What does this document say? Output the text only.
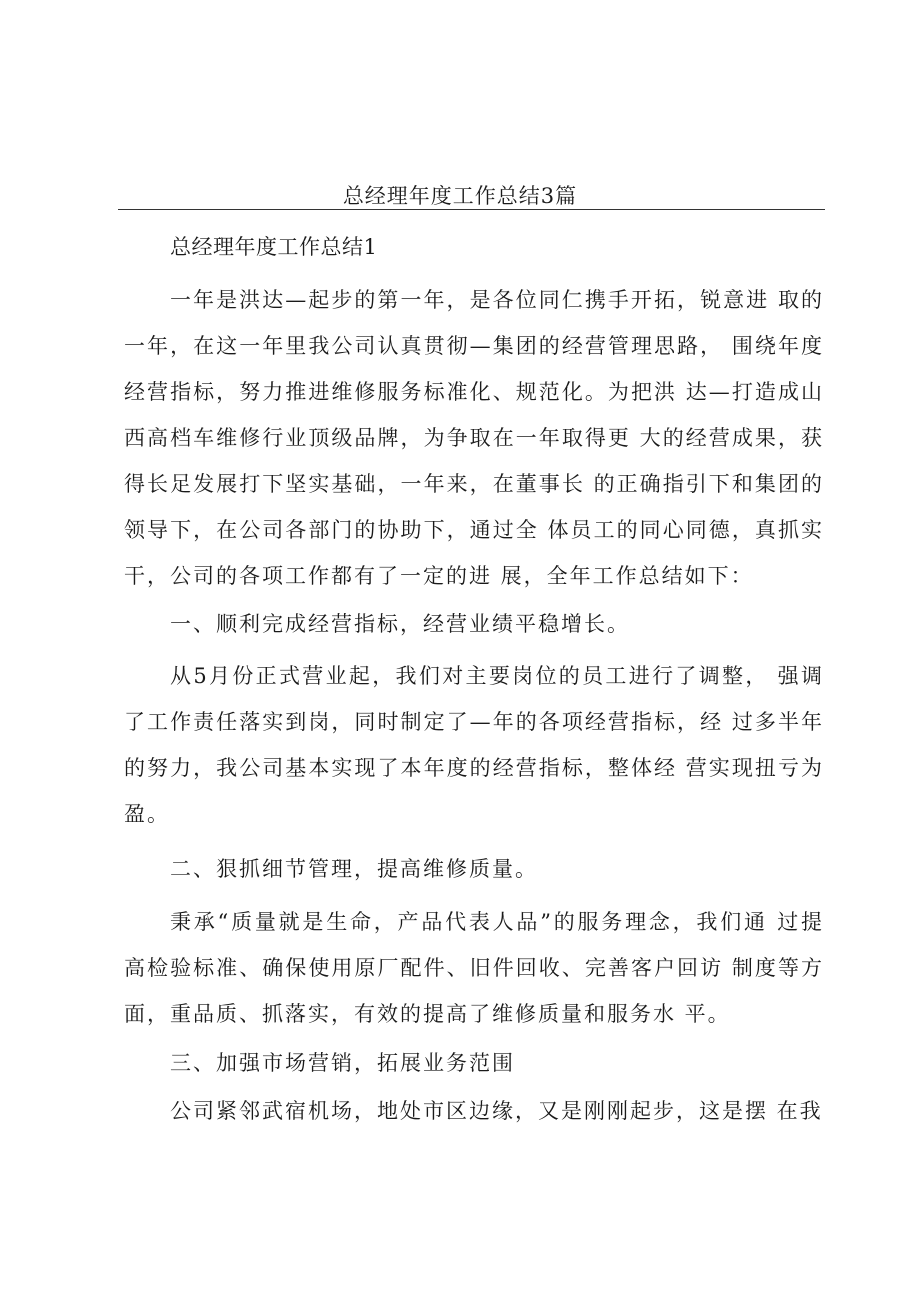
总经理年度工作总结3篇

总经理年度工作总结1

一年是洪达—起步的第一年，是各位同仁携手开拓，锐意进 取的一年，在这一年里我公司认真贯彻—集团的经营管理思路， 围绕年度经营指标，努力推进维修服务标准化、规范化。为把洪 达—打造成山西高档车维修行业顶级品牌，为争取在一年取得更 大的经营成果，获得长足发展打下坚实基础，一年来，在董事长 的正确指引下和集团的领导下，在公司各部门的协助下，通过全 体员工的同心同德，真抓实干，公司的各项工作都有了一定的进 展，全年工作总结如下：

一、顺利完成经营指标，经营业绩平稳增长。

从5月份正式营业起，我们对主要岗位的员工进行了调整， 强调了工作责任落实到岗，同时制定了—年的各项经营指标，经 过多半年的努力，我公司基本实现了本年度的经营指标，整体经 营实现扭亏为盈。

二、狠抓细节管理，提高维修质量。

秉承“质量就是生命，产品代表人品”的服务理念，我们通 过提高检验标准、确保使用原厂配件、旧件回收、完善客户回访 制度等方面，重品质、抓落实，有效的提高了维修质量和服务水 平。

三、加强市场营销，拓展业务范围

公司紧邻武宿机场，地处市区边缘，又是刚刚起步，这是摆 在我
